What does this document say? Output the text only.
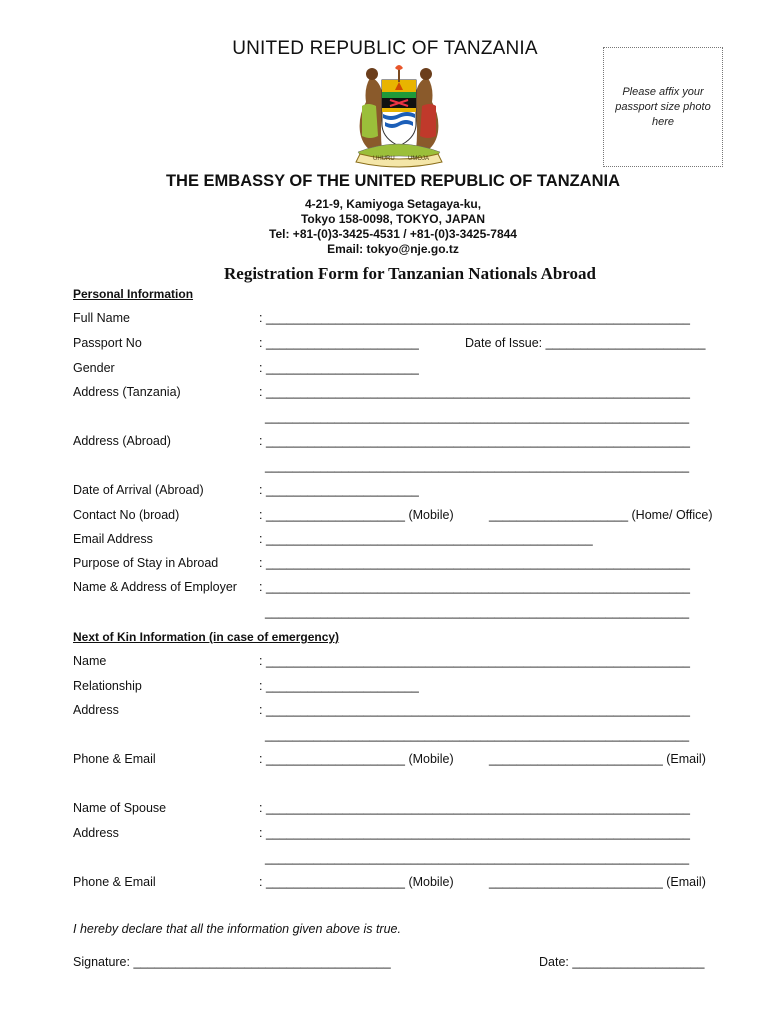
UNITED REPUBLIC OF TANZANIA
Please affix your passport size photo here
UHURU UMOJA
THE EMBASSY OF THE UNITED REPUBLIC OF TANZANIA
4-21-9, Kamiyoga Setagaya-ku,
Tokyo 158-0098, TOKYO, JAPAN
Tel: +81-(0)3-3425-4531 / +81-(0)3-3425-7844
Email: tokyo@nje.go.tz
Registration Form for Tanzanian Nationals Abroad
Personal Information
Full Name	: _____________________________________________________________
Passport No	: ______________________	Date of Issue: _______________________
Gender	: ______________________
Address (Tanzania)	: _____________________________________________________________
_____________________________________________________________
Address (Abroad)	: _____________________________________________________________
_____________________________________________________________
Date of Arrival (Abroad)	: ______________________
Contact No (broad)	: ____________________ (Mobile)	____________________ (Home/ Office)
Email Address	: _______________________________________________
Purpose of Stay in Abroad	: _____________________________________________________________
Name & Address of Employer : _____________________________________________________________
_____________________________________________________________
Next of Kin Information (in case of emergency)
Name	: _____________________________________________________________
Relationship	: ______________________
Address	: _____________________________________________________________
_____________________________________________________________
Phone & Email	: ____________________ (Mobile)	_________________________ (Email)
Name of Spouse	: _____________________________________________________________
Address	: _____________________________________________________________
_____________________________________________________________
Phone & Email	: ____________________ (Mobile)	_________________________ (Email)
I hereby declare that all the information given above is true.
Signature: _____________________________________	Date: ___________________
